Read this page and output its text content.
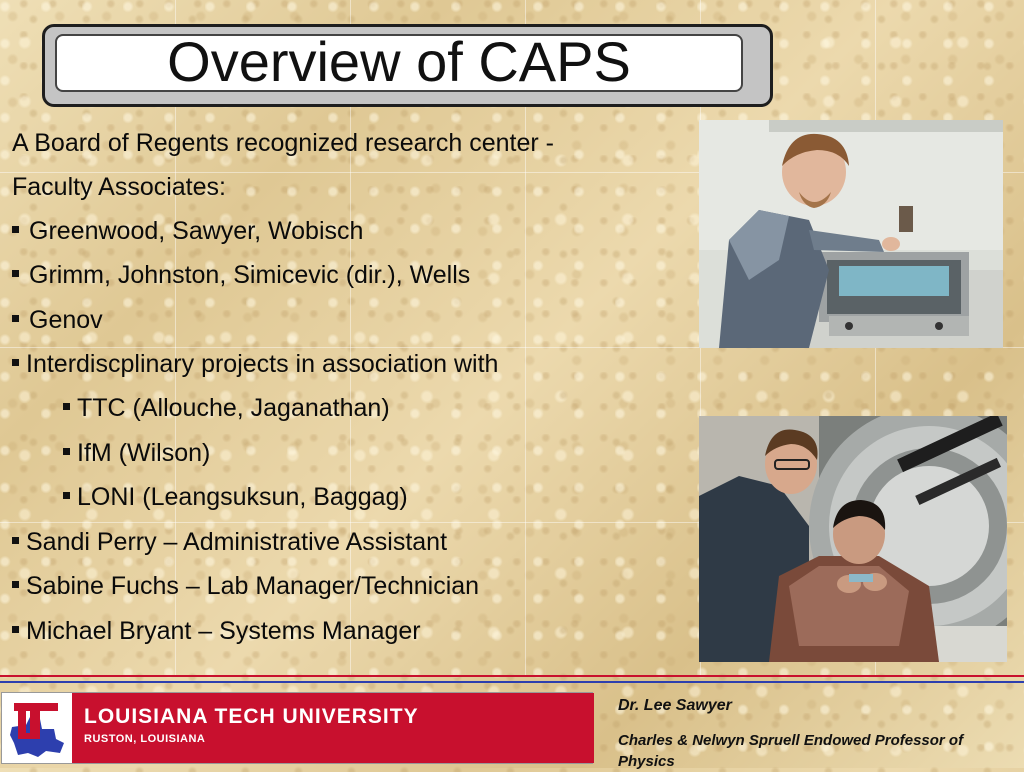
Overview of CAPS
A Board of Regents recognized research center -
Faculty Associates:
Greenwood, Sawyer, Wobisch
Grimm, Johnston, Simicevic (dir.), Wells
Genov
Interdiscplinary projects in association with
TTC (Allouche, Jaganathan)
IfM (Wilson)
LONI (Leangsuksun, Baggag)
Sandi Perry – Administrative Assistant
Sabine Fuchs – Lab Manager/Technician
Michael Bryant – Systems Manager
LOUISIANA TECH UNIVERSITY
RUSTON, LOUISIANA
Dr. Lee Sawyer
Charles & Nelwyn Spruell Endowed Professor of Physics
